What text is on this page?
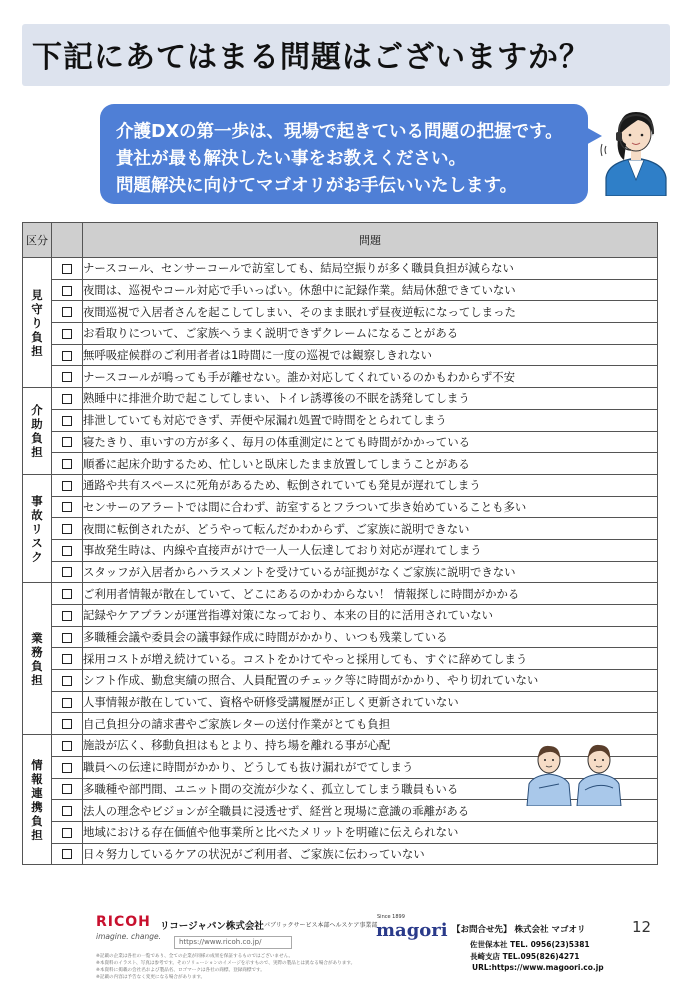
下記にあてはまる問題はございますか？
介護DXの第一歩は、現場で起きている問題の把握です。
貴社が最も解決したい事をお教えください。
問題解決に向けてマゴオリがお手伝いいたします。
区分		問題
見守り負担		ナースコール、センサーコールで訪室しても、結局空振りが多く職員負担が減らない
		夜間は、巡視やコール対応で手いっぱい。休憩中に記録作業。結局休憩できていない
		夜間巡視で入居者さんを起こしてしまい、そのまま眠れず昼夜逆転になってしまった
		お看取りについて、ご家族へうまく説明できずクレームになることがある
		無呼吸症候群のご利用者者は1時間に一度の巡視では観察しきれない
		ナースコールが鳴っても手が離せない。誰か対応してくれているのかもわからず不安
介助負担		熟睡中に排泄介助で起こしてしまい、トイレ誘導後の不眠を誘発してしまう
		排泄していても対応できず、弄便や尿漏れ処置で時間をとられてしまう
		寝たきり、車いすの方が多く、毎月の体重測定にとても時間がかかっている
		順番に起床介助するため、忙しいと臥床したまま放置してしまうことがある
事故リスク		通路や共有スペースに死角があるため、転倒されていても発見が遅れてしまう
		センサーのアラートでは間に合わず、訪室するとフラついて歩き始めていることも多い
		夜間に転倒されたが、どうやって転んだかわからず、ご家族に説明できない
		事故発生時は、内線や直接声がけで一人一人伝達しており対応が遅れてしまう
		スタッフが入居者からハラスメントを受けているが証拠がなくご家族に説明できない
業務負担		ご利用者情報が散在していて、どこにあるのかわからない！ 情報探しに時間がかかる
		記録やケアプランが運営指導対策になっており、本来の目的に活用されていない
		多職種会議や委員会の議事録作成に時間がかかり、いつも残業している
		採用コストが増え続けている。コストをかけてやっと採用しても、すぐに辞めてしまう
		シフト作成、勤怠実績の照合、人員配置のチェック等に時間がかかり、やり切れていない
		人事情報が散在していて、資格や研修受講履歴が正しく更新されていない
		自己負担分の請求書やご家族レターの送付作業がとても負担
情報連携負担		施設が広く、移動負担はもとより、持ち場を離れる事が心配
		職員への伝達に時間がかかり、どうしても抜け漏れがでてしまう
		多職種や部門間、ユニット間の交流が少なく、孤立してしまう職員もいる
		法人の理念やビジョンが全職員に浸透せず、経営と現場に意識の乖離がある
		地域における存在価値や他事業所と比べたメリットを明確に伝えられない
		日々努力しているケアの状況がご利用者、ご家族に伝わっていない
RICOH
imagine. change.
リコージャパン株式会社 パブリックサービス本部ヘルスケア事業部
https://www.ricoh.co.jp/
※記載の企業は各社の一覧であり、全ての企業が同様の成果を保証するものではございません。
※本資料のイラスト、写真は参考です。そのソリューションのイメージを示すもので、実際の製品とは異なる場合があります。
※本資料に掲載の会社名および製品名、ロゴマークは各社の商標、登録商標です。
※記載の内容は予告なく変更になる場合があります。
Since 1899
magori 【お問合せ先】 株式会社 マゴオリ
佐世保本社 TEL. 0956(23)5381
長崎支店 TEL.095(826)4271
URL:https://www.magoori.co.jp
12
